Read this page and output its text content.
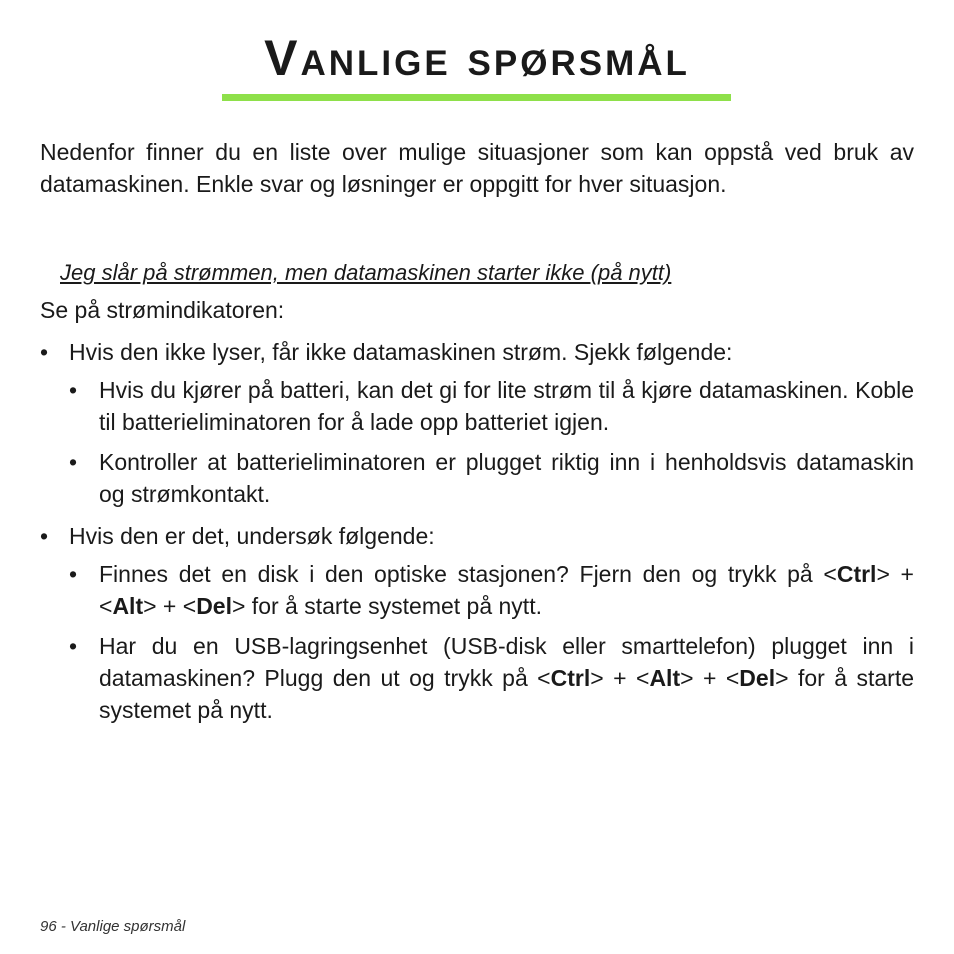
Vanlige spørsmål
Nedenfor finner du en liste over mulige situasjoner som kan oppstå ved bruk av datamaskinen. Enkle svar og løsninger er oppgitt for hver situasjon.
Jeg slår på strømmen, men datamaskinen starter ikke (på nytt)
Se på strømindikatoren:
• Hvis den ikke lyser, får ikke datamaskinen strøm. Sjekk følgende:
• Hvis du kjører på batteri, kan det gi for lite strøm til å kjøre datamaskinen. Koble til batterieliminatoren for å lade opp batteriet igjen.
• Kontroller at batterieliminatoren er plugget riktig inn i henholdsvis datamaskin og strømkontakt.
• Hvis den er det, undersøk følgende:
• Finnes det en disk i den optiske stasjonen? Fjern den og trykk på <Ctrl> + <Alt> + <Del> for å starte systemet på nytt.
• Har du en USB-lagringsenhet (USB-disk eller smarttelefon) plugget inn i datamaskinen? Plugg den ut og trykk på <Ctrl> + <Alt> + <Del> for å starte systemet på nytt.
96 - Vanlige spørsmål
